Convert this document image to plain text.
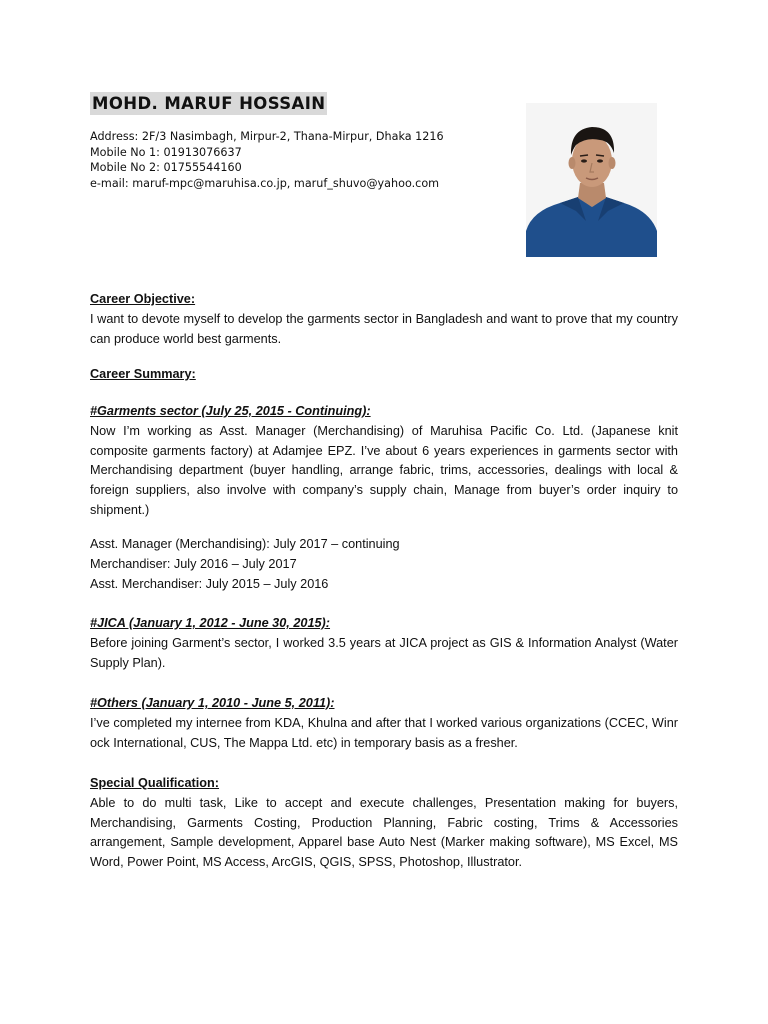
MOHD. MARUF HOSSAIN
Address: 2F/3 Nasimbagh, Mirpur-2, Thana-Mirpur, Dhaka 1216
Mobile No 1: 01913076637
Mobile No 2: 01755544160
e-mail: maruf-mpc@maruhisa.co.jp, maruf_shuvo@yahoo.com
Career Objective:
I want to devote myself to develop the garments sector in Bangladesh and want to prove that my country can produce world best garments.
Career Summary:
#Garments sector (July 25, 2015 - Continuing):
Now I’m working as Asst. Manager (Merchandising) of Maruhisa Pacific Co. Ltd. (Japanese knit composite garments factory) at Adamjee EPZ. I’ve about 6 years experiences in garments sector with Merchandising department (buyer handling, arrange fabric, trims, accessories, dealings with local & foreign suppliers, also involve with company’s supply chain, Manage from buyer’s order inquiry to shipment.)
Asst. Manager (Merchandising): July 2017 – continuing
Merchandiser: July 2016 – July 2017
Asst. Merchandiser: July 2015 – July 2016
#JICA (January 1, 2012 - June 30, 2015):
Before joining Garment’s sector, I worked 3.5 years at JICA project as GIS & Information Analyst (Water Supply Plan).
#Others (January 1, 2010 - June 5, 2011):
I’ve completed my internee from KDA, Khulna and after that I worked various organizations (CCEC, Winr ock International, CUS, The Mappa Ltd. etc) in temporary basis as a fresher.
Special Qualification:
Able to do multi task, Like to accept and execute challenges, Presentation making for buyers, Merchandising, Garments Costing, Production Planning, Fabric costing, Trims & Accessories arrangement, Sample development, Apparel base Auto Nest (Marker making software), MS Excel, MS Word, Power Point, MS Access, ArcGIS, QGIS, SPSS, Photoshop, Illustrator.
